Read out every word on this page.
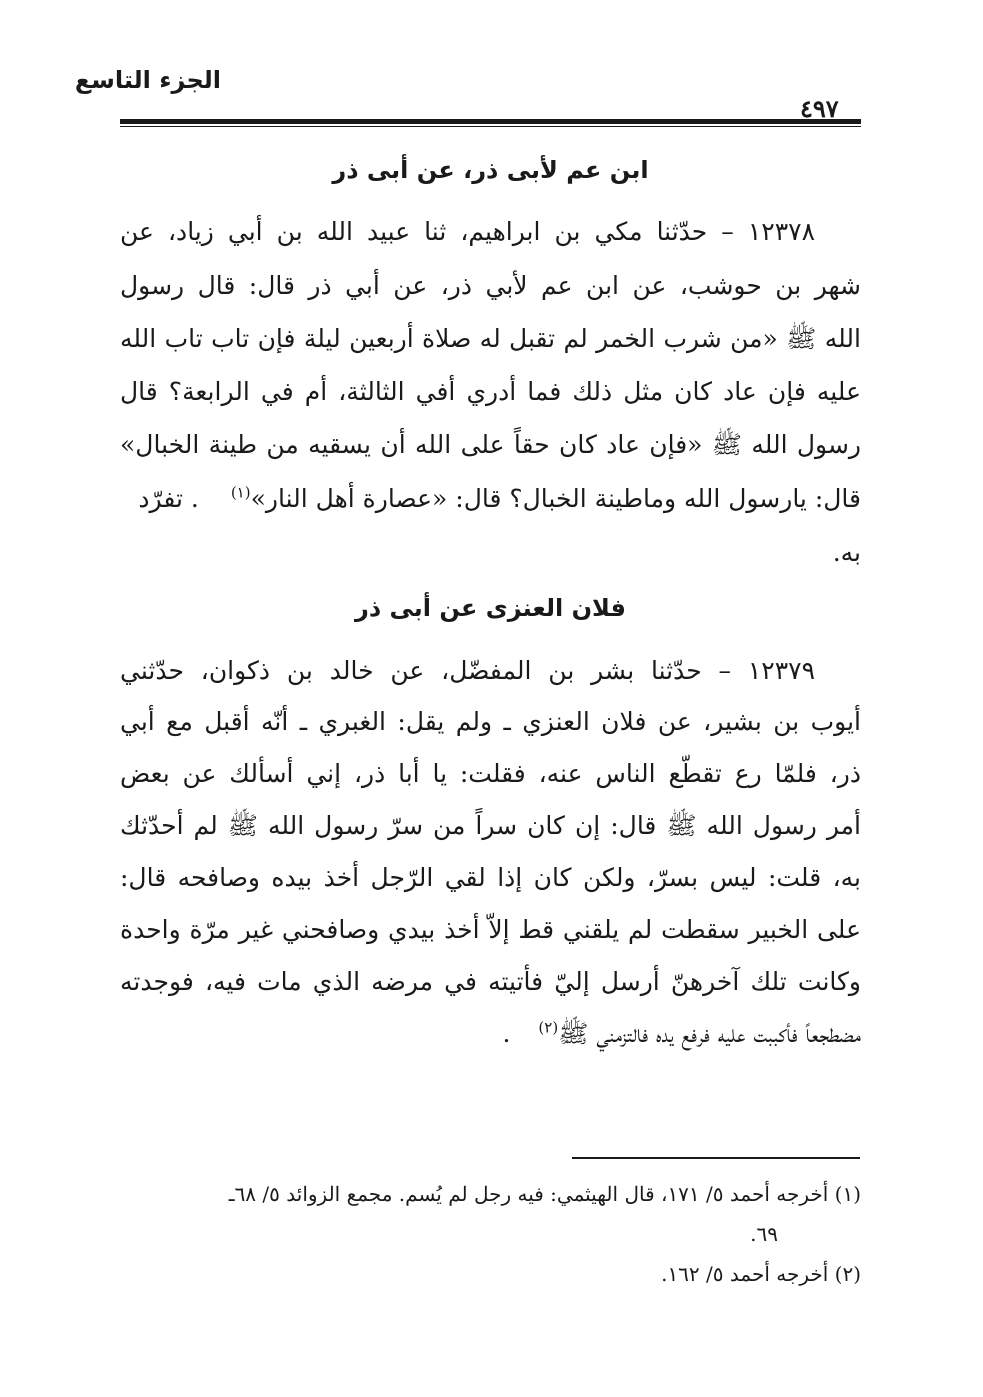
الجزء التاسع
٤٩٧
ابن عم لأبى ذر، عن أبى ذر
١٢٣٧٨ – حدّثنا مكي بن ابراهيم، ثنا عبيد الله بن أبي زياد، عن
شهر بن حوشب، عن ابن عم لأبي ذر، عن أبي ذر قال: قال رسول
الله ﷺ «من شرب الخمر لم تقبل له صلاة أربعين ليلة فإن تاب تاب الله
عليه فإن عاد كان مثل ذلك فما أدري أفي الثالثة، أم في الرابعة؟ قال
رسول الله ﷺ «فإن عاد كان حقاً على الله أن يسقيه من طينة الخبال»
قال: يارسول الله وماطينة الخبال؟ قال: «عصارة أهل النار»$^{(١)}$ . تفرّد
به.
فلان العنزى عن أبى ذر
١٢٣٧٩ – حدّثنا بشر بن المفضّل، عن خالد بن ذكوان، حدّثني
أيوب بن بشير، عن فلان العنزي ـ ولم يقل: الغبري ـ أنّه أقبل مع أبي
ذر، فلمّا رع تقطّع الناس عنه، فقلت: يا أبا ذر، إني أسألك عن بعض
أمر رسول الله ﷺ قال: إن كان سراً من سرّ رسول الله ﷺ لم أحدّثك
به، قلت: ليس بسرّ، ولكن كان إذا لقي الرّجل أخذ بيده وصافحه قال:
على الخبير سقطت لم يلقني قط إلاّ أخذ بيدي وصافحني غير مرّة واحدة
وكانت تلك آخرهنّ أرسل إليّ فأتيته في مرضه الذي مات فيه، فوجدته
مضطجعاً فأكببت عليه فرفع يده فالتزمني ﷺ$^{(٢)}$ .
(١) أخرجه أحمد ٥/ ١٧١، قال الهيثمي: فيه رجل لم يُسم. مجمع الزوائد ٥/ ٦٨ـ
٦٩.
(٢) أخرجه أحمد ٥/ ١٦٢.
